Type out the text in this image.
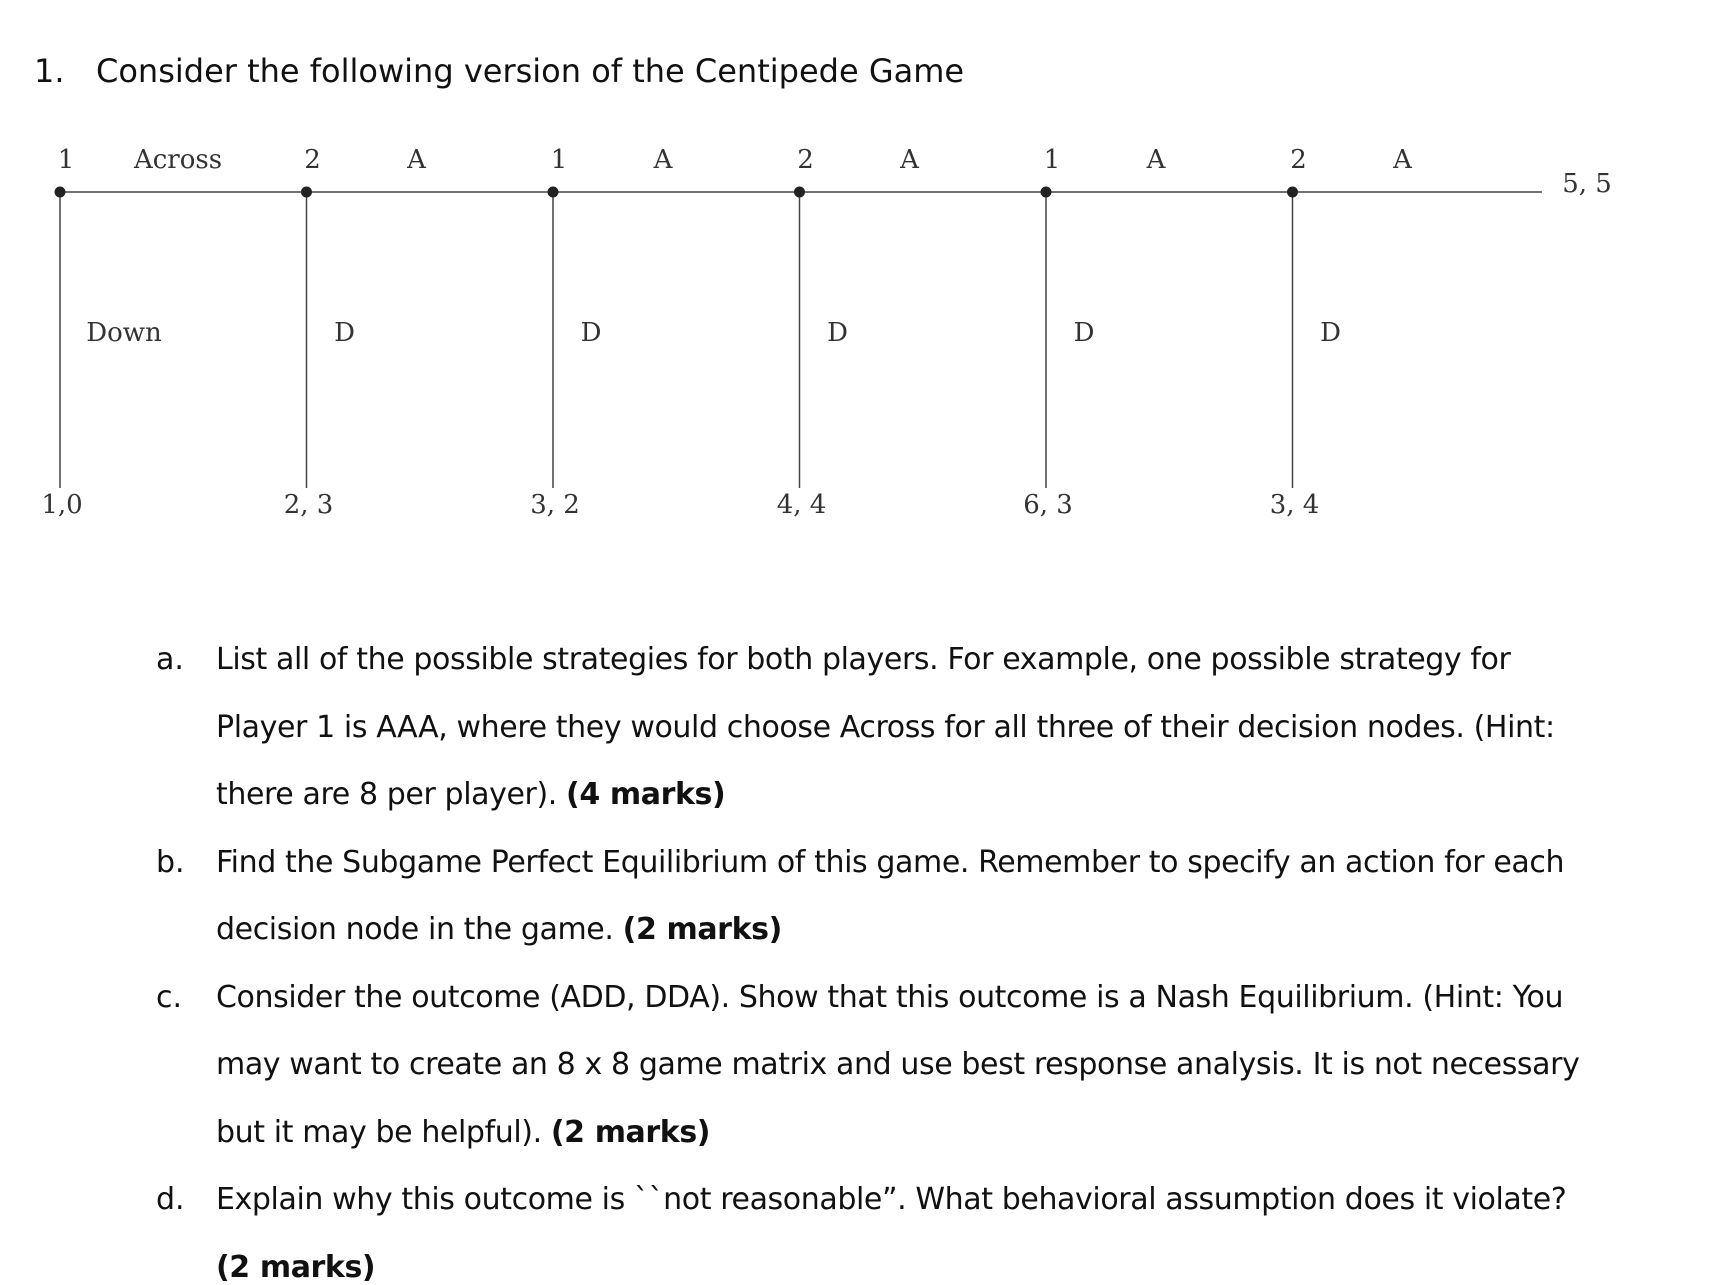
1. Consider the following version of the Centipede Game
1 Across
Down
1,0
2	A
D
2, 3
1	A
D
3, 2
2	A
D
4, 4
1	A
D
6, 3
2	A
D
3, 4
5, 5
a. List all of the possible strategies for both players. For example, one possible strategy for
Player 1 is AAA, where they would choose Across for all three of their decision nodes. (Hint:
there are 8 per player). (4 marks)
b. Find the Subgame Perfect Equilibrium of this game. Remember to specify an action for each
decision node in the game. (2 marks)
c. Consider the outcome (ADD, DDA). Show that this outcome is a Nash Equilibrium. (Hint: You
may want to create an 8 x 8 game matrix and use best response analysis. It is not necessary
but it may be helpful). (2 marks)
d. Explain why this outcome is ``not reasonable”. What behavioral assumption does it violate?
(2 marks)
